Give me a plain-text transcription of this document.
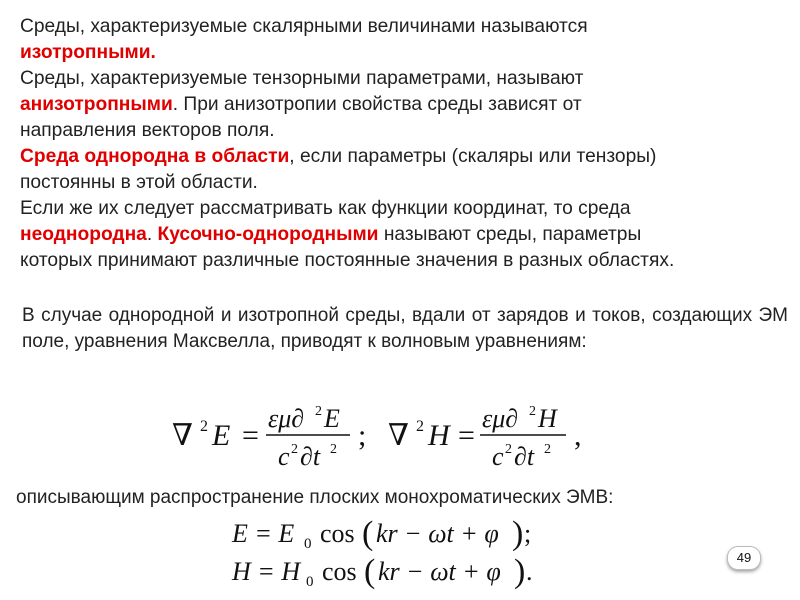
Среды, характеризуемые скалярными величинами называются
изотропными.
Среды, характеризуемые тензорными параметрами, называют
анизотропными. При анизотропии свойства среды зависят от
направления векторов поля.
Среда однородна в области, если параметры (скаляры или тензоры)
постоянны в этой области.
Если же их следует рассматривать как функции координат, то среда
неоднородна. Кусочно-однородными называют среды, параметры
которых принимают различные постоянные значения в разных областях.
В случае однородной и изотропной среды, вдали от зарядов и токов, создающих ЭМ поле, уравнения Максвелла, приводят к волновым уравнениям:
∇ 2 E =
εμ∂ 2 E
c 2 ∂t 2 ; ∇ 2 H =
εμ∂ 2 H
c 2 ∂t 2 ,
описывающим распространение плоских монохроматических ЭМВ:
E = E 0 cos ( kr − ωt + φ ) ;
H = H 0 cos ( kr − ωt + φ ) .	49
